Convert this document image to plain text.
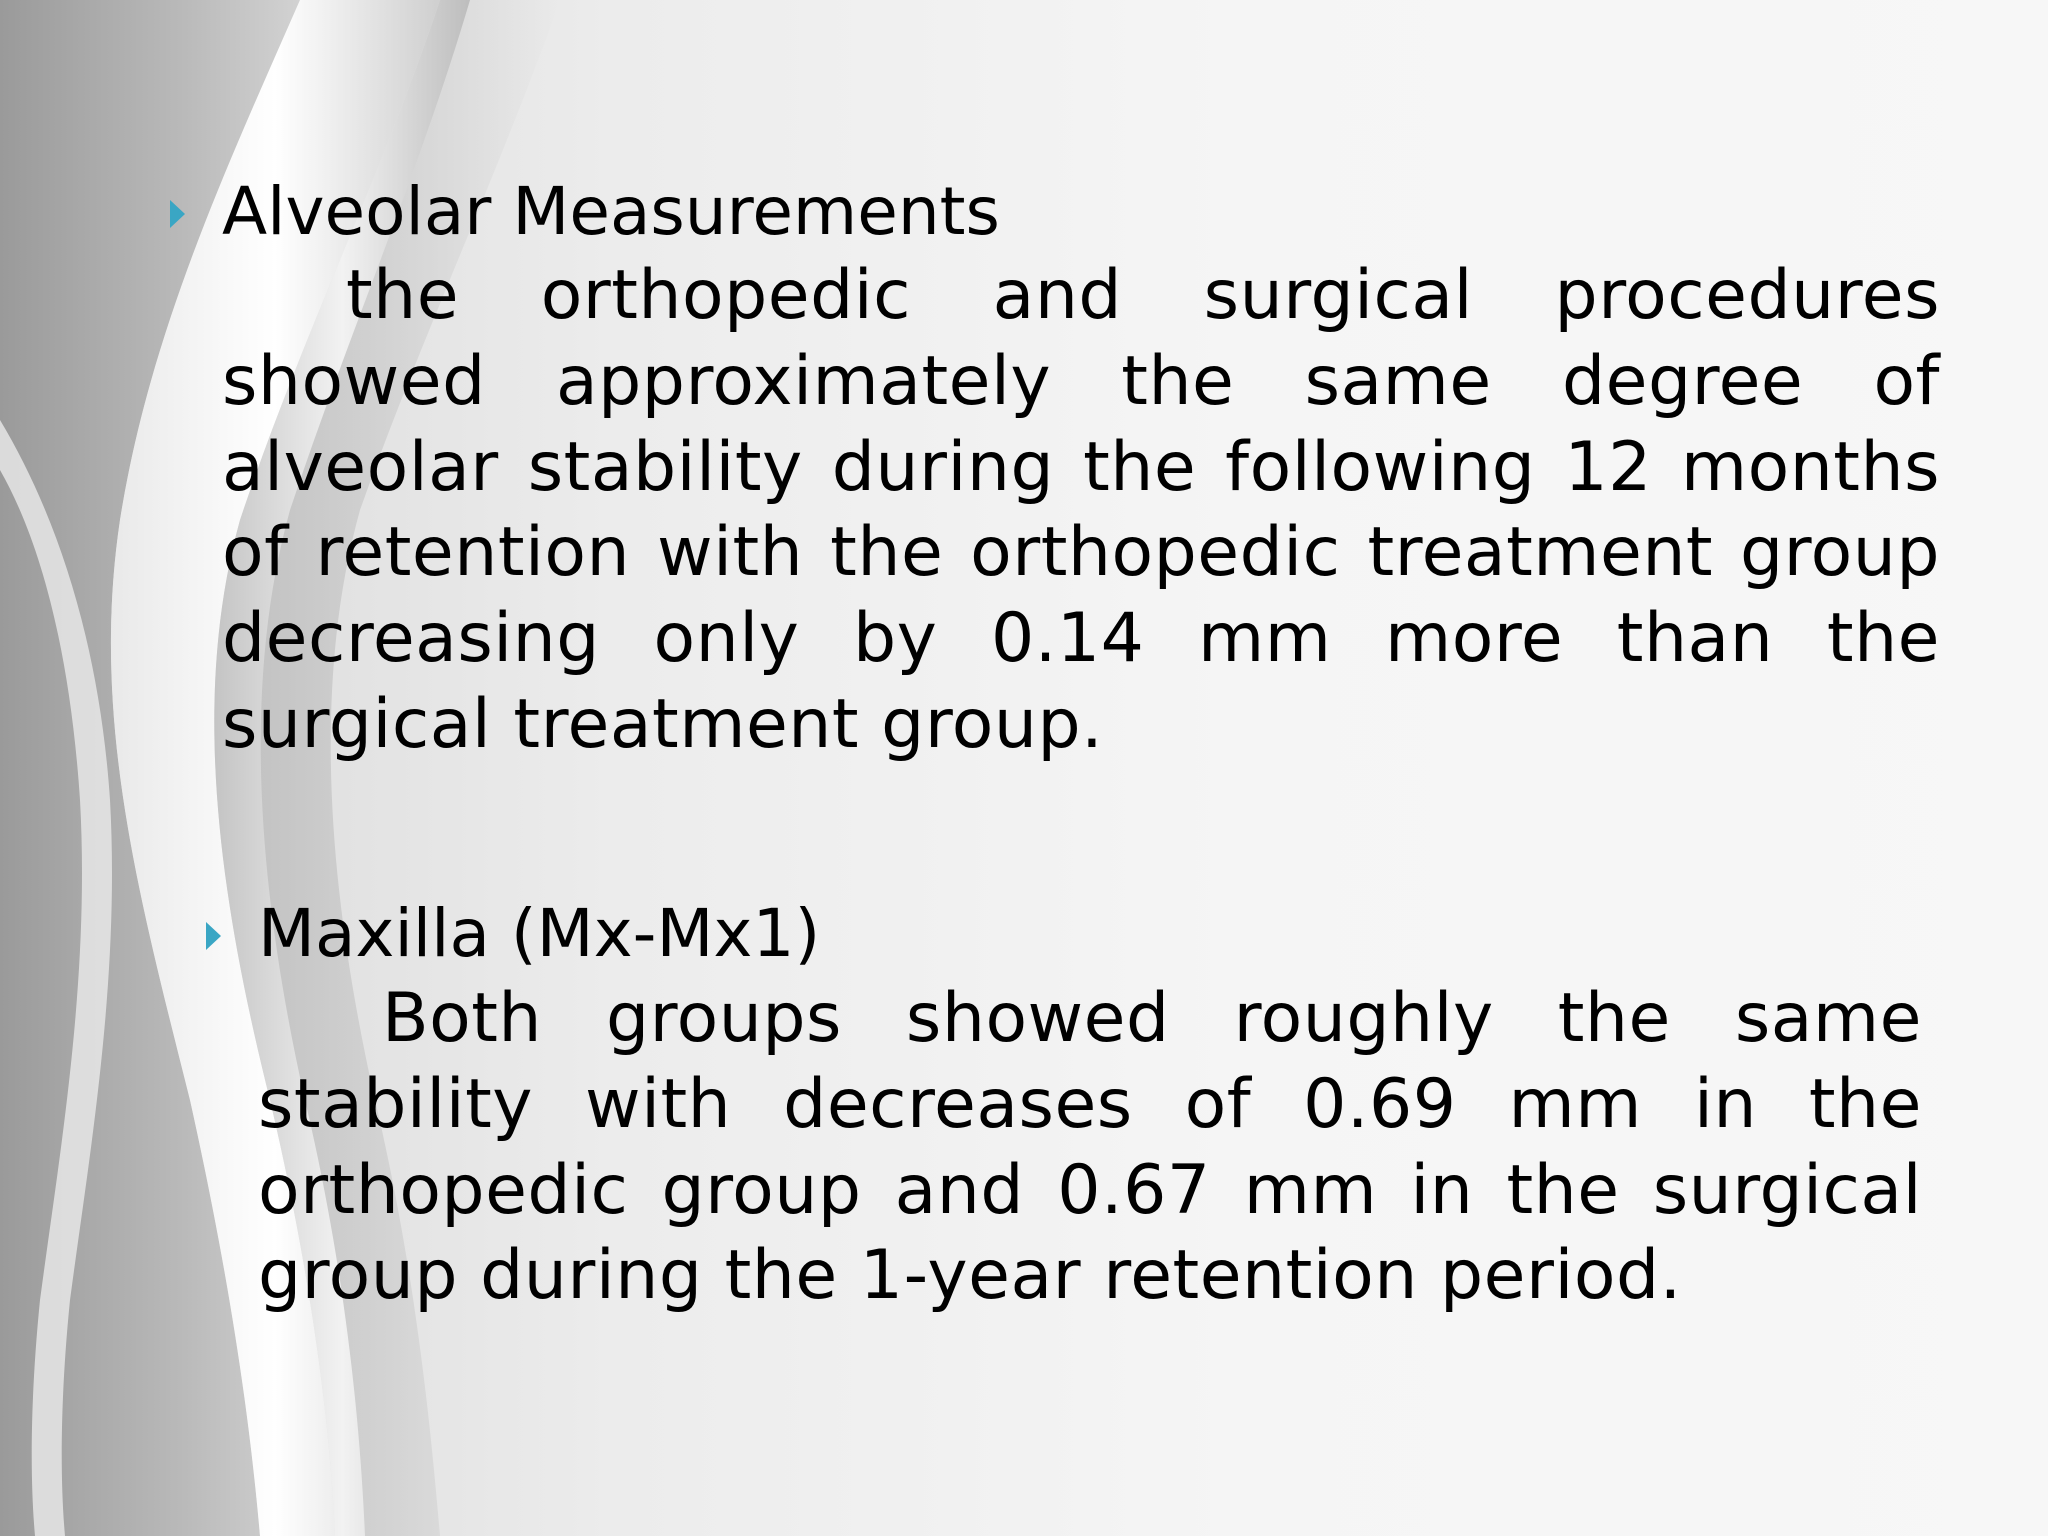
Alveolar Measurements

the orthopedic and surgical procedures showed approximately the same degree of alveolar stability during the following 12 months of retention with the orthopedic treatment group decreasing only by 0.14 mm more than the surgical treatment group.

Maxilla (Mx-Mx1)

Both groups showed roughly the same stability with decreases of 0.69 mm in the orthopedic group and 0.67 mm in the surgical group during the 1-year retention period.
